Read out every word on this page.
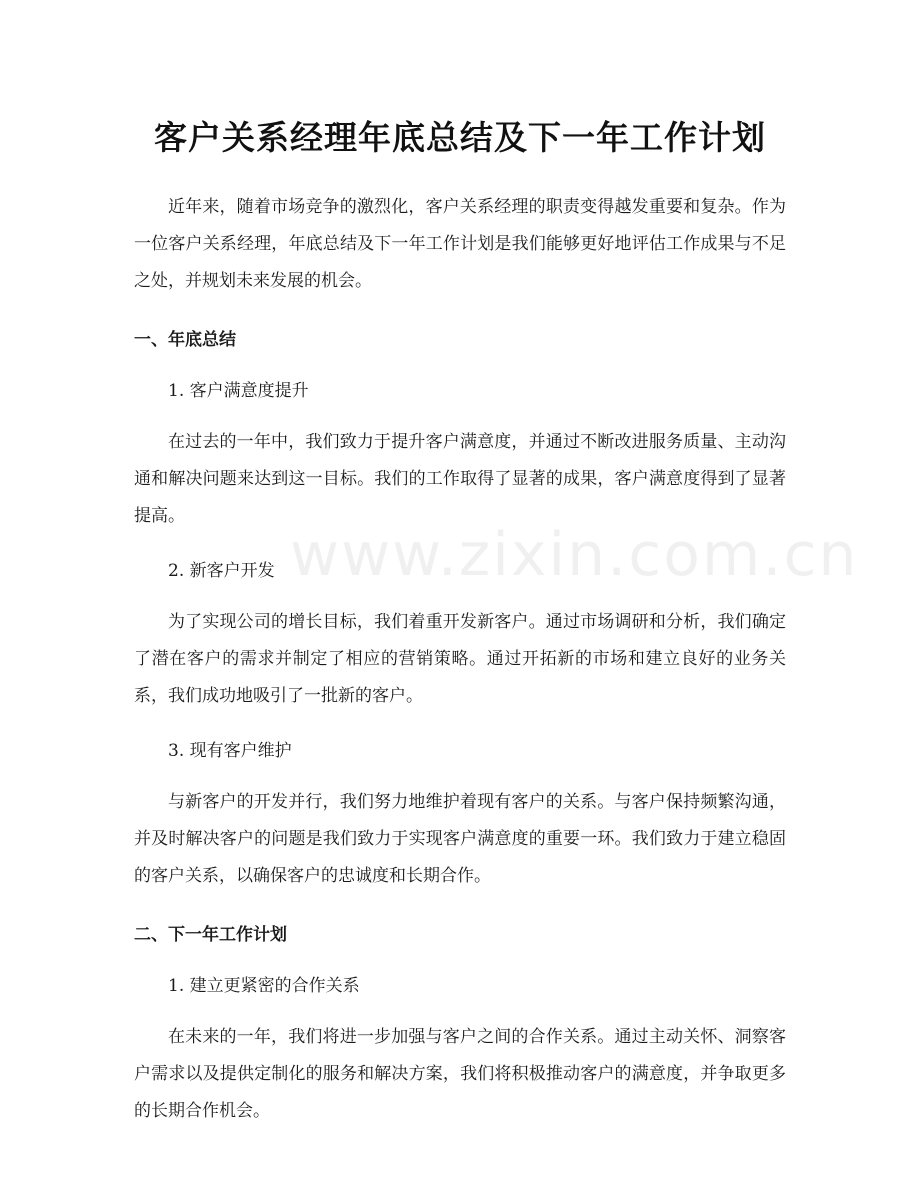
客户关系经理年底总结及下一年工作计划

近年来，随着市场竞争的激烈化，客户关系经理的职责变得越发重要和复杂。作为一位客户关系经理，年底总结及下一年工作计划是我们能够更好地评估工作成果与不足之处，并规划未来发展的机会。

一、年底总结
1. 客户满意度提升

在过去的一年中，我们致力于提升客户满意度，并通过不断改进服务质量、主动沟通和解决问题来达到这一目标。我们的工作取得了显著的成果，客户满意度得到了显著提高。

2. 新客户开发

为了实现公司的增长目标，我们着重开发新客户。通过市场调研和分析，我们确定了潜在客户的需求并制定了相应的营销策略。通过开拓新的市场和建立良好的业务关系，我们成功地吸引了一批新的客户。

3. 现有客户维护

与新客户的开发并行，我们努力地维护着现有客户的关系。与客户保持频繁沟通，并及时解决客户的问题是我们致力于实现客户满意度的重要一环。我们致力于建立稳固的客户关系，以确保客户的忠诚度和长期合作。

二、下一年工作计划
1. 建立更紧密的合作关系

在未来的一年，我们将进一步加强与客户之间的合作关系。通过主动关怀、洞察客户需求以及提供定制化的服务和解决方案，我们将积极推动客户的满意度，并争取更多的长期合作机会。

www.zixin.com.cn
